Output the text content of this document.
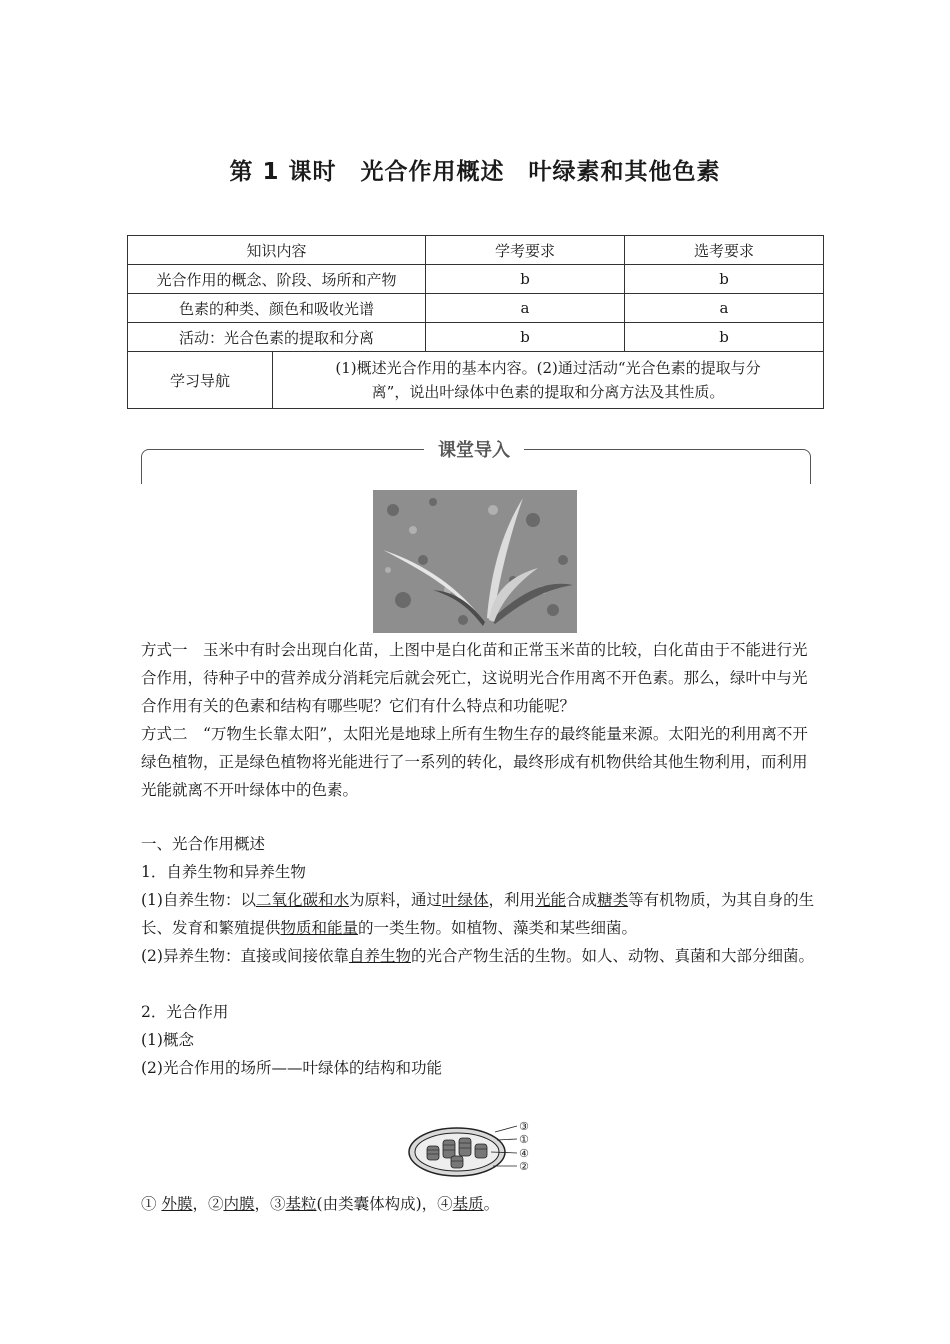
第 1 课时　光合作用概述　叶绿素和其他色素
知识内容	学考要求	选考要求
光合作用的概念、阶段、场所和产物	b	b
色素的种类、颜色和吸收光谱	a	a
活动：光合色素的提取和分离	b	b

学习导航	
(1)概述光合作用的基本内容。(2)通过活动“光合色素的提取与分
离”，说出叶绿体中色素的提取和分离方法及其性质。
课堂导入

方式一　玉米中有时会出现白化苗，上图中是白化苗和正常玉米苗的比较，白化苗由于不能进行光合作用，待种子中的营养成分消耗完后就会死亡，这说明光合作用离不开色素。那么，绿叶中与光合作用有关的色素和结构有哪些呢？它们有什么特点和功能呢？

方式二　“万物生长靠太阳”，太阳光是地球上所有生物生存的最终能量来源。太阳光的利用离不开绿色植物，正是绿色植物将光能进行了一系列的转化，最终形成有机物供给其他生物利用，而利用光能就离不开叶绿体中的色素。

一、光合作用概述

1．自养生物和异养生物

(1)自养生物：以二氧化碳和水为原料，通过叶绿体，利用光能合成糖类等有机物质，为其自身的生长、发育和繁殖提供物质和能量的一类生物。如植物、藻类和某些细菌。

(2)异养生物：直接或间接依靠自养生物的光合产物生活的生物。如人、动物、真菌和大部分细菌。

2．光合作用

(1)概念

(2)光合作用的场所——叶绿体的结构和功能

③
①
④
②

① 外膜，②内膜，③基粒(由类囊体构成)，④基质。
